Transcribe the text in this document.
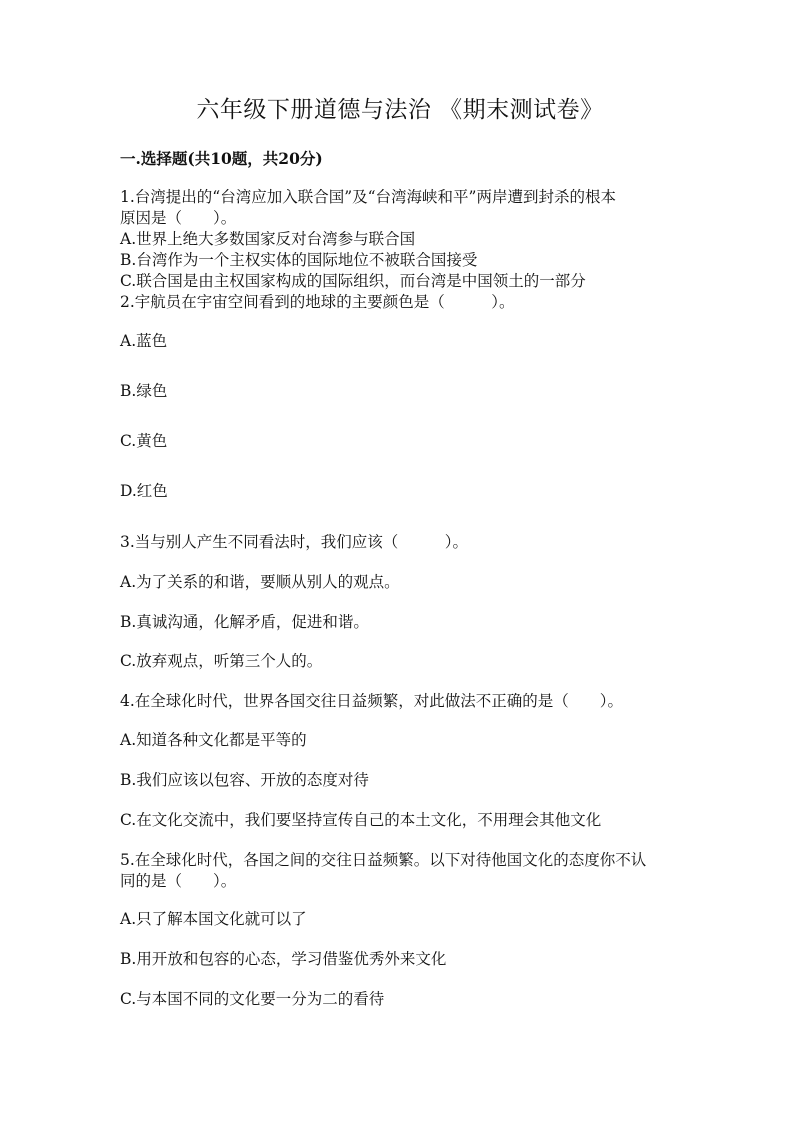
六年级下册道德与法治 《期末测试卷》
一.选择题(共10题，共20分)
1.台湾提出的“台湾应加入联合国”及“台湾海峡和平”两岸遭到封杀的根本
原因是（　　）。
A.世界上绝大多数国家反对台湾参与联合国
B.台湾作为一个主权实体的国际地位不被联合国接受
C.联合国是由主权国家构成的国际组织，而台湾是中国领土的一部分
2.宇航员在宇宙空间看到的地球的主要颜色是（　　　）。
A.蓝色
B.绿色
C.黄色
D.红色
3.当与别人产生不同看法时，我们应该（　　　）。
A.为了关系的和谐，要顺从别人的观点。
B.真诚沟通，化解矛盾，促进和谐。
C.放弃观点，听第三个人的。
4.在全球化时代，世界各国交往日益频繁，对此做法不正确的是（　　）。
A.知道各种文化都是平等的
B.我们应该以包容、开放的态度对待
C.在文化交流中，我们要坚持宣传自己的本土文化，不用理会其他文化
5.在全球化时代，各国之间的交往日益频繁。以下对待他国文化的态度你不认
同的是（　　）。
A.只了解本国文化就可以了
B.用开放和包容的心态，学习借鉴优秀外来文化
C.与本国不同的文化要一分为二的看待
